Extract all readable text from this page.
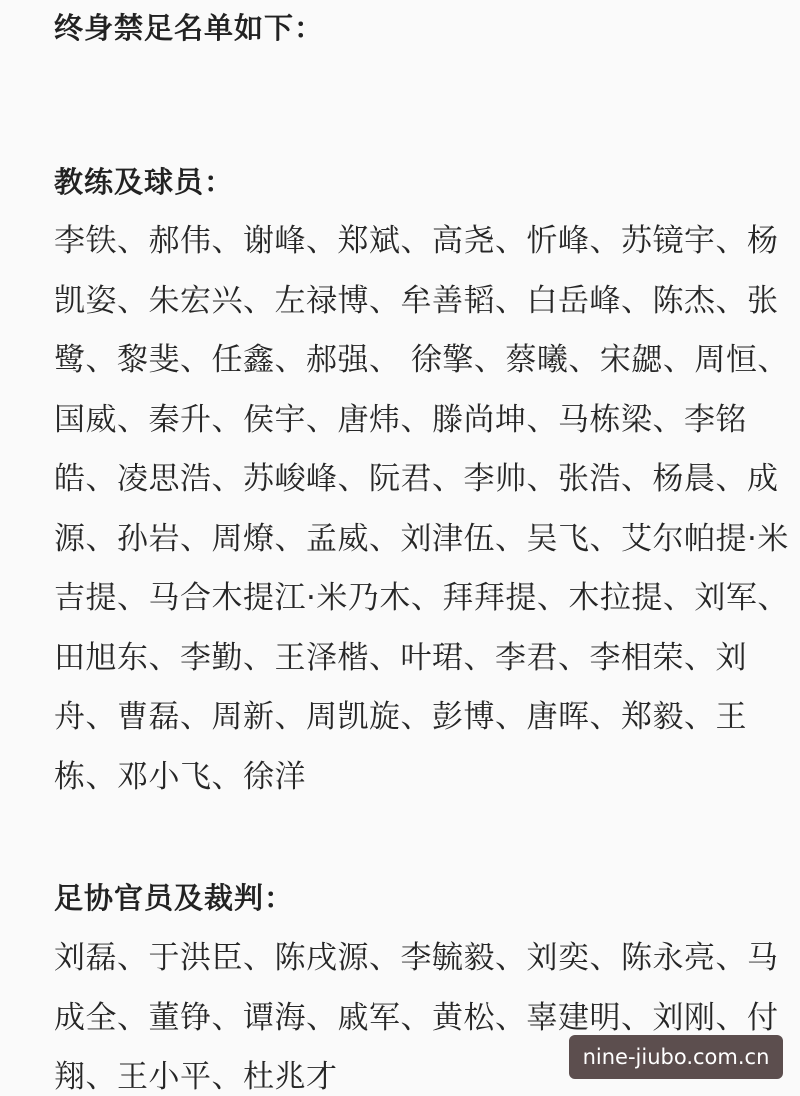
终身禁足名单如下：
教练及球员：
李铁、郝伟、谢峰、郑斌、高尧、忻峰、苏镜宇、杨
凯姿、朱宏兴、左禄博、牟善韬、白岳峰、陈杰、张
鹭、黎斐、任鑫、郝强、 徐擎、蔡曦、宋勰、周恒、
国威、秦升、侯宇、唐炜、滕尚坤、马栋梁、李铭
皓、凌思浩、苏峻峰、阮君、李帅、张浩、杨晨、成
源、孙岩、周燎、孟威、刘津伍、吴飞、艾尔帕提·米
吉提、马合木提江·米乃木、拜拜提、木拉提、刘军、
田旭东、李勤、王泽楷、叶珺、李君、李相荣、刘
舟、曹磊、周新、周凯旋、彭博、唐晖、郑毅、王
栋、邓小飞、徐洋
足协官员及裁判：
刘磊、于洪臣、陈戌源、李毓毅、刘奕、陈永亮、马
成全、董铮、谭海、戚军、黄松、辜建明、刘刚、付
翔、王小平、杜兆才
nine-jiubo.com.cn
